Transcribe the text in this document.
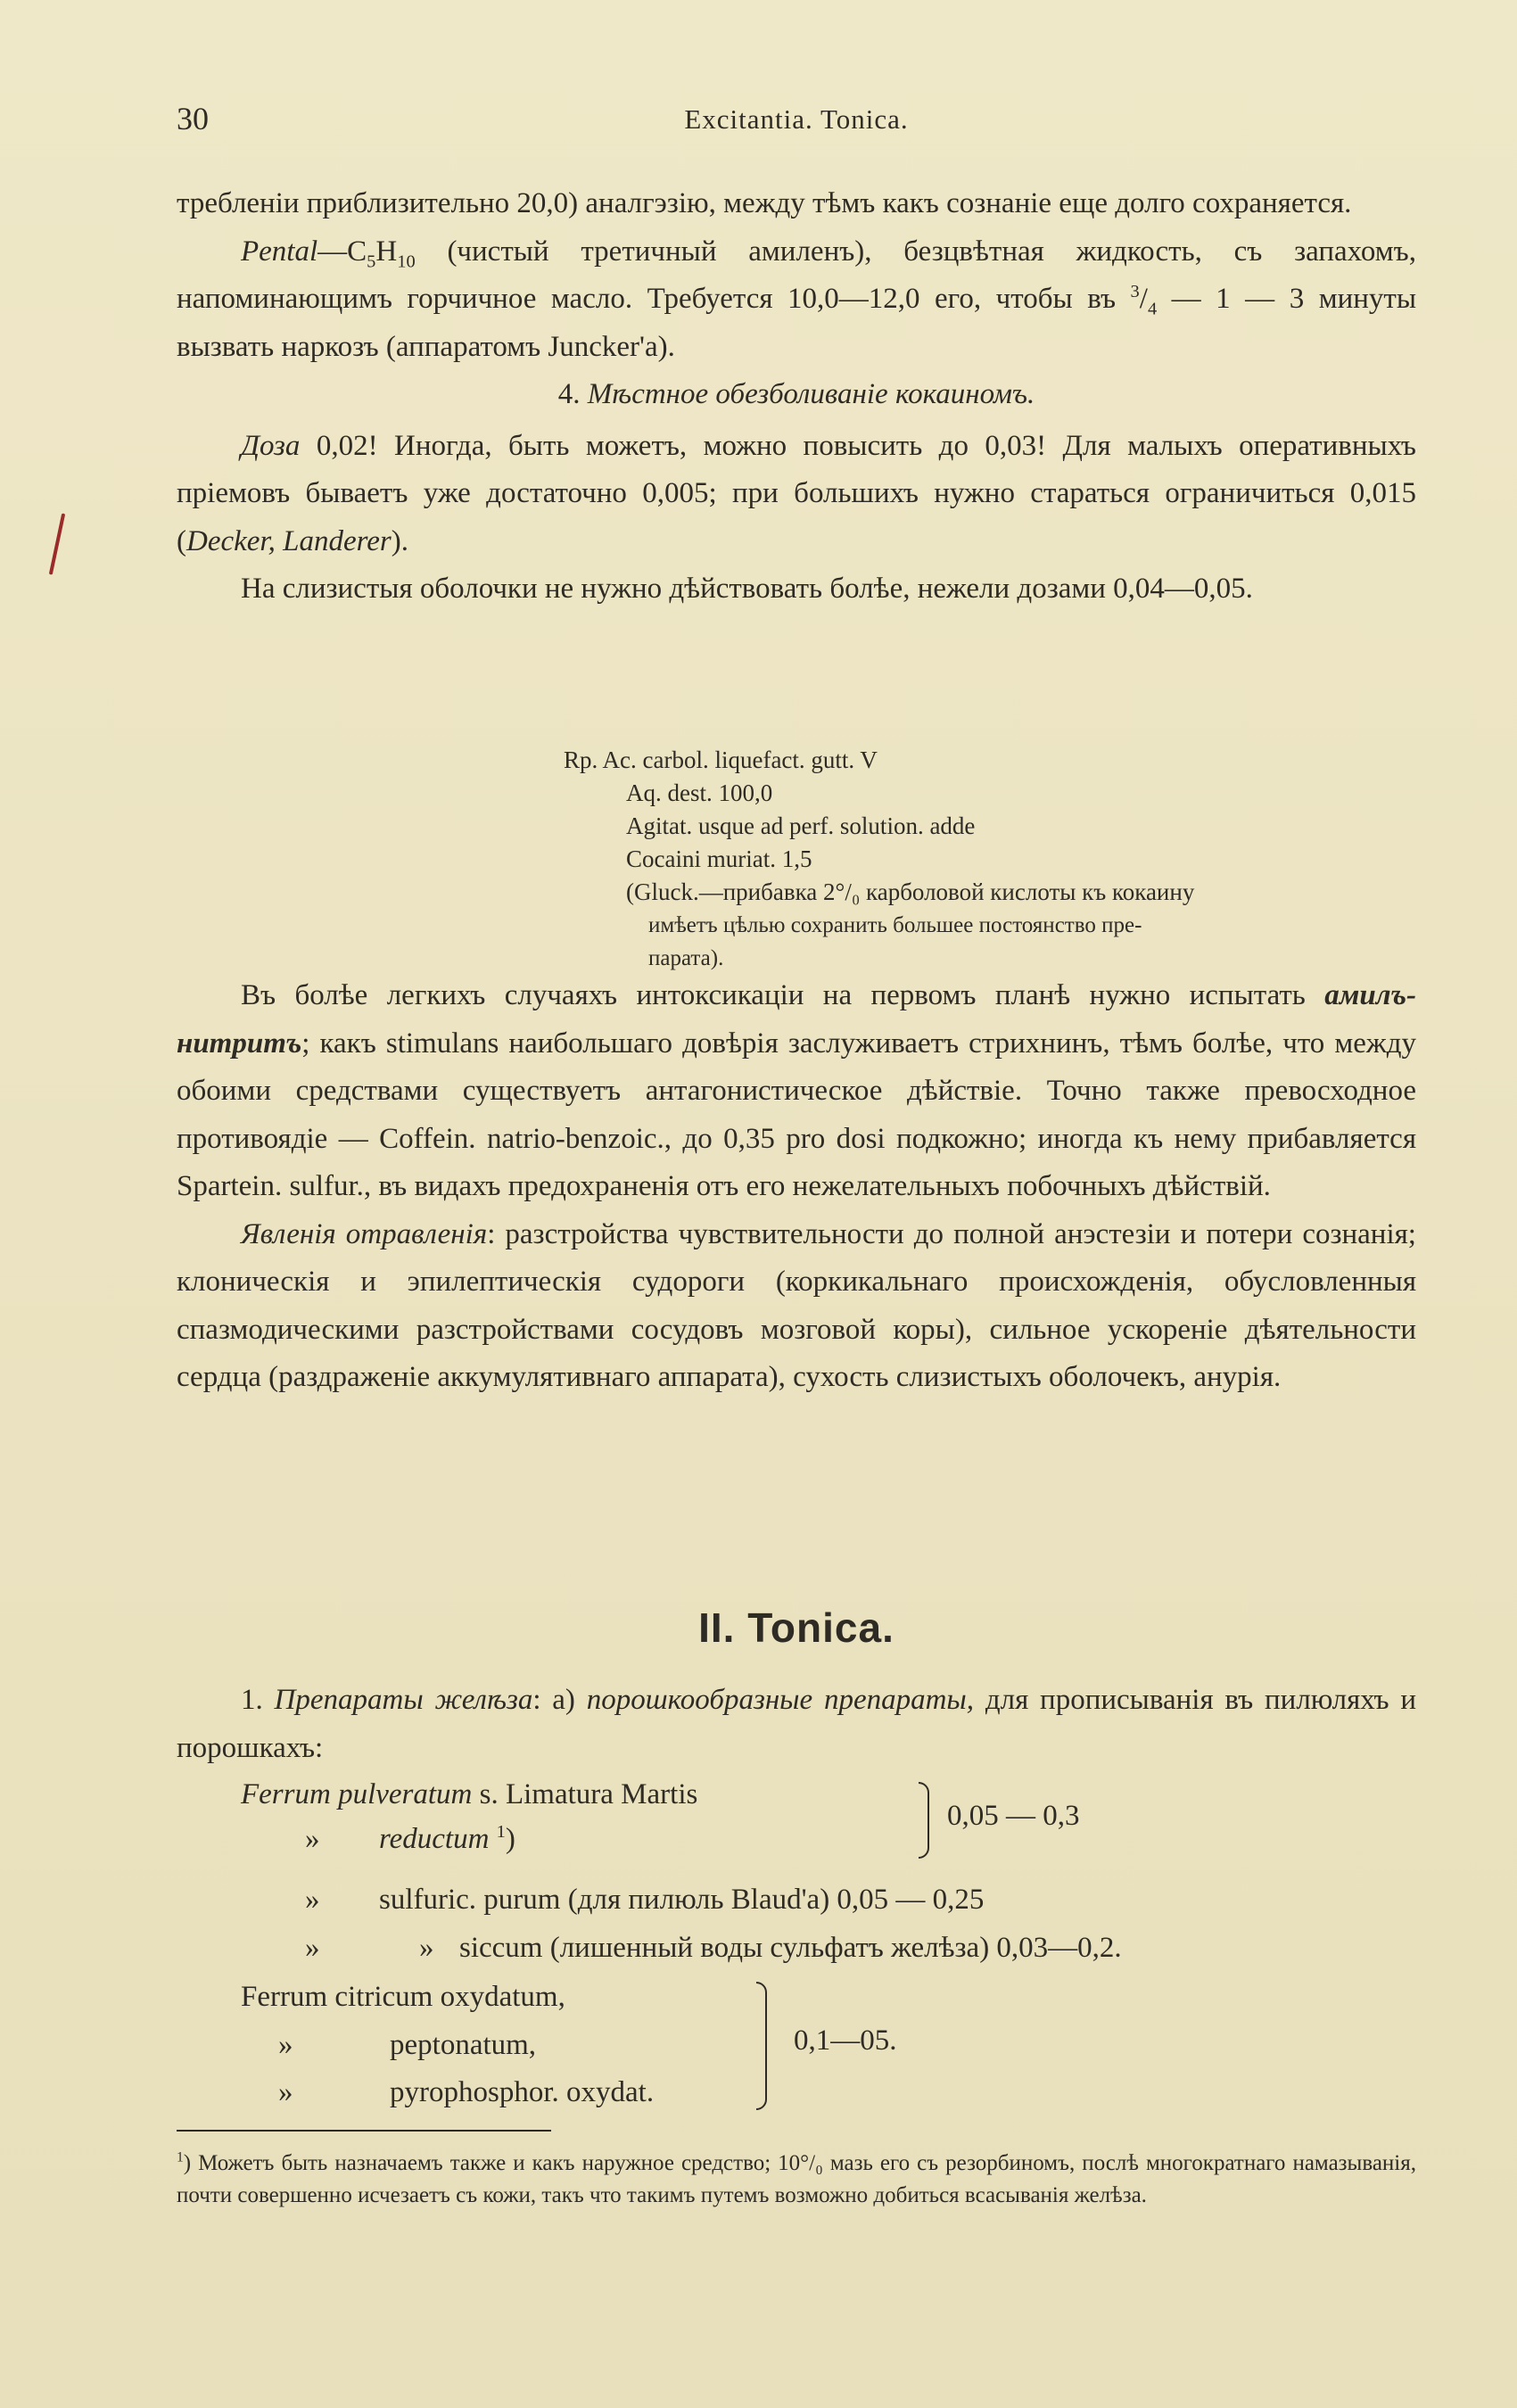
30	Excitantia. Tonica.

требленіи приблизительно 20,0) аналгэзію, между тѣмъ какъ сознаніе еще долго сохраняется.

$Pental—C_5H_{10}$ (чистый третичный амиленъ), безцвѣтная жидкость, съ запахомъ, напоминающимъ горчичное масло. Требуется 10,0—12,0 его, чтобы въ $^3/_4$ — 1 — 3 минуты вызвать наркозъ (аппаратомъ Juncker'a).

4. Мѣстное обезболиваніе кокаиномъ.

Доза 0,02! Иногда, быть можетъ, можно повысить до 0,03! Для малыхъ оперативныхъ пріемовъ бываетъ уже достаточно 0,005; при большихъ нужно стараться ограничиться 0,015 (Decker, Landerer).

На слизистыя оболочки не нужно дѣйствовать болѣе, нежели дозами 0,04—0,05.

Rp. Ac. carbol. liquefact. gutt. V
Aq. dest. 100,0
Agitat. usque ad perf. solution. adde
Cocaini muriat. 1,5
(Gluck.—прибавка 2°/₀ карболовой кислоты къ кокаину
имѣетъ цѣлью сохранить большее постоянство пре-
парата).

Въ болѣе легкихъ случаяхъ интоксикаціи на первомъ планѣ нужно испытать амилъ-нитритъ; какъ stimulans наибольшаго довѣрія заслуживаетъ стрихнинъ, тѣмъ болѣе, что между обоими средствами существуетъ антагонистическое дѣйствіе. Точно также превосходное противоядіе — Coffein. natrio-benzoic., до 0,35 pro dosi подкожно; иногда къ нему прибавляется Spartein. sulfur., въ видахъ предохраненія отъ его нежелательныхъ побочныхъ дѣйствій.

Явленія отравленія: разстройства чувствительности до полной анэстезіи и потери сознанія; клоническія и эпилептическія судороги (коркикальнаго происхожденія, обусловленныя спазмодическими разстройствами сосудовъ мозговой коры), сильное ускореніе дѣятельности сердца (раздраженіе аккумулятивнаго аппарата), сухость слизистыхъ оболочекъ, анурія.

II. Tonica.

1. Препараты желѣза: a) порошкообразные препараты, для прописыванія въ пилюляхъ и порошкахъ:

Ferrum pulveratum s. Limatura Martis
» reductum $^1$)
0,05 — 0,3
» sulfuric. purum (для пилюль Blaud'a) 0,05 — 0,25
»	» siccum (лишенный воды сульфатъ желѣза) 0,03—0,2.
Ferrum citricum oxydatum,
»	peptonatum,
»	pyrophosphor. oxydat.
0,1—05.

$^1$) Можетъ быть назначаемъ также и какъ наружное средство; 10°/₀ мазь его съ резорбиномъ, послѣ многократнаго намазыванія, почти совершенно исчезаетъ съ кожи, такъ что такимъ путемъ возможно добиться всасыванія желѣза.
